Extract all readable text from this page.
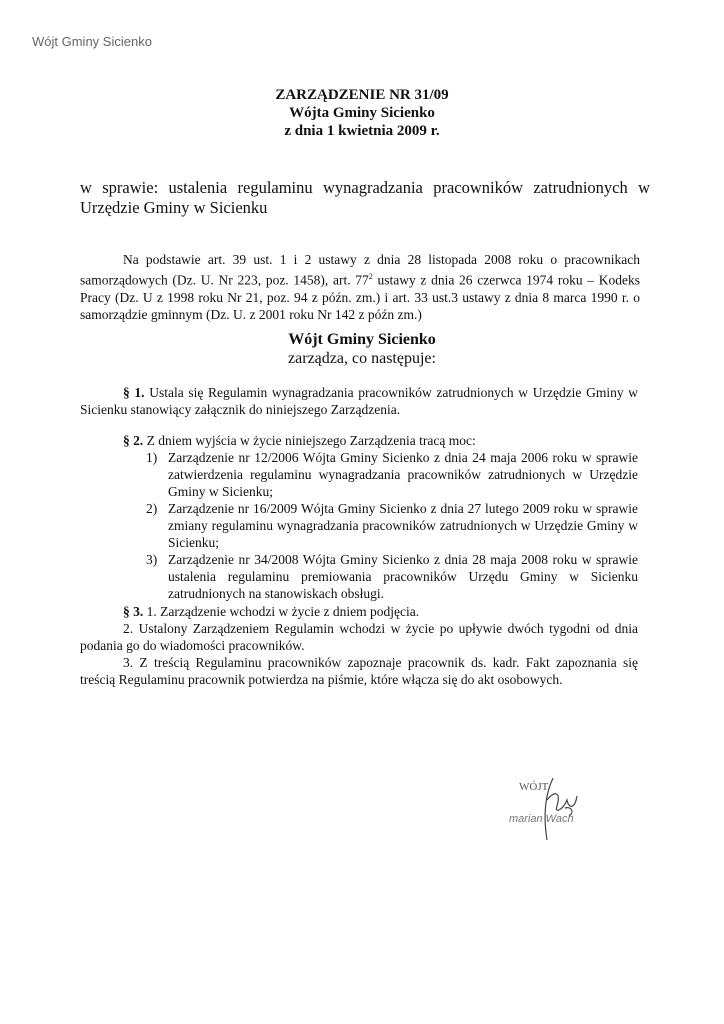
Wójt Gminy Sicienko
ZARZĄDZENIE NR 31/09
Wójta Gminy Sicienko
z dnia 1 kwietnia 2009 r.
w sprawie: ustalenia regulaminu wynagradzania pracowników zatrudnionych w Urzędzie Gminy w Sicienku
Na podstawie art. 39 ust. 1 i 2 ustawy z dnia 28 listopada 2008 roku o pracownikach samorządowych (Dz. U. Nr 223, poz. 1458), art. $77^2$ ustawy z dnia 26 czerwca 1974 roku – Kodeks Pracy (Dz. U z 1998 roku Nr 21, poz. 94 z późn. zm.) i art. 33 ust.3 ustawy z dnia 8 marca 1990 r. o samorządzie gminnym (Dz. U. z 2001 roku Nr 142 z późn zm.)
Wójt Gminy Sicienko
zarządza, co następuje:
§ 1. Ustala się Regulamin wynagradzania pracowników zatrudnionych w Urzędzie Gminy w Sicienku stanowiący załącznik do niniejszego Zarządzenia.
§ 2. Z dniem wyjścia w życie niniejszego Zarządzenia tracą moc:
1) Zarządzenie nr 12/2006 Wójta Gminy Sicienko z dnia 24 maja 2006 roku w sprawie zatwierdzenia regulaminu wynagradzania pracowników zatrudnionych w Urzędzie Gminy w Sicienku;
2) Zarządzenie nr 16/2009 Wójta Gminy Sicienko z dnia 27 lutego 2009 roku w sprawie zmiany regulaminu wynagradzania pracowników zatrudnionych w Urzędzie Gminy w Sicienku;
3) Zarządzenie nr 34/2008 Wójta Gminy Sicienko z dnia 28 maja 2008 roku w sprawie ustalenia regulaminu premiowania pracowników Urzędu Gminy w Sicienku zatrudnionych na stanowiskach obsługi.
§ 3. 1. Zarządzenie wchodzi w życie z dniem podjęcia.
2. Ustalony Zarządzeniem Regulamin wchodzi w życie po upływie dwóch tygodni od dnia podania go do wiadomości pracowników.
3. Z treścią Regulaminu pracowników zapoznaje pracownik ds. kadr. Fakt zapoznania się treścią Regulaminu pracownik potwierdza na piśmie, które włącza się do akt osobowych.
WÓJT
marian Wach
